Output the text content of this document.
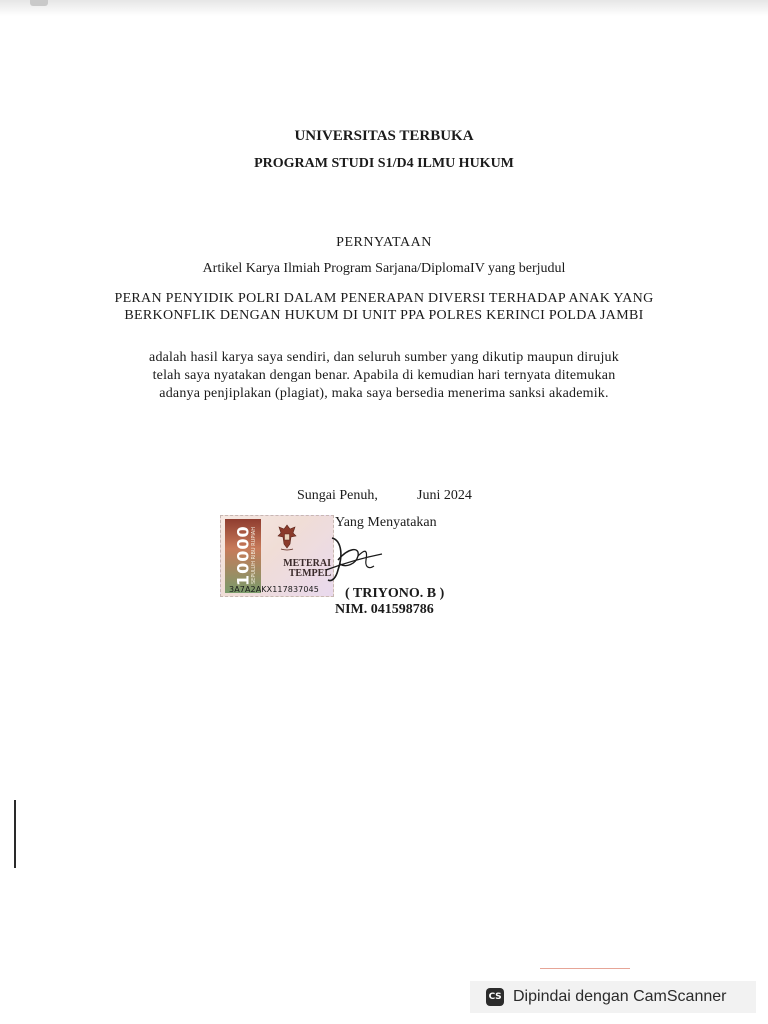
UNIVERSITAS TERBUKA
PROGRAM STUDI S1/D4 ILMU HUKUM
PERNYATAAN
Artikel Karya Ilmiah Program Sarjana/DiplomaIV yang berjudul
PERAN PENYIDIK POLRI DALAM PENERAPAN DIVERSI TERHADAP ANAK YANG
BERKONFLIK DENGAN HUKUM DI UNIT PPA POLRES KERINCI POLDA JAMBI
adalah hasil karya saya sendiri, dan seluruh sumber yang dikutip maupun dirujuk
telah saya nyatakan dengan benar. Apabila di kemudian hari ternyata ditemukan
adanya penjiplakan (plagiat), maka saya bersedia menerima sanksi akademik.
Sungai Penuh,	Juni 2024
Yang Menyatakan
10000
SEPULUH RIBU RUPIAH	METERAI
TEMPEL
3A7A2AKX117837045	( TRIYONO. B )
NIM. 041598786
CS Dipindai dengan CamScanner
